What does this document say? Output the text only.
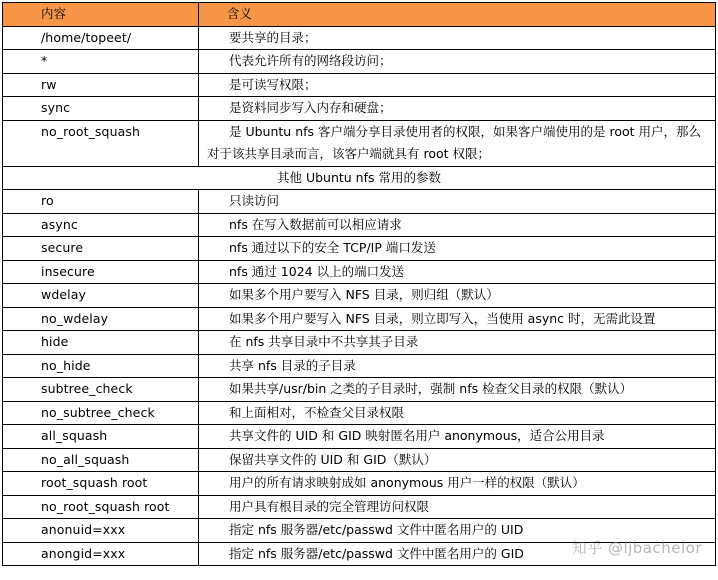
内容	含义
/home/topeet/	要共享的目录；
*	代表允许所有的网络段访问；
rw	是可读写权限；
sync	是资料同步写入内存和硬盘；
no_root_squash	是 Ubuntu nfs 客户端分享目录使用者的权限，如果客户端使用的是 root 用户，那么对于该共享目录而言，该客户端就具有 root 权限；
其他 Ubuntu nfs 常用的参数	
ro	只读访问
async	nfs 在写入数据前可以相应请求
secure	nfs 通过以下的安全 TCP/IP 端口发送
insecure	nfs 通过 1024 以上的端口发送
wdelay	如果多个用户要写入 NFS 目录，则归组（默认）
no_wdelay	如果多个用户要写入 NFS 目录，则立即写入，当使用 async 时，无需此设置
hide	在 nfs 共享目录中不共享其子目录
no_hide	共享 nfs 目录的子目录
subtree_check	如果共享/usr/bin 之类的子目录时，强制 nfs 检查父目录的权限（默认）
no_subtree_check	和上面相对，不检查父目录权限
all_squash	共享文件的 UID 和 GID 映射匿名用户 anonymous，适合公用目录
no_all_squash	保留共享文件的 UID 和 GID（默认）
root_squash root	用户的所有请求映射成如 anonymous 用户一样的权限（默认）
no_root_squash root	用户具有根目录的完全管理访问权限
anonuid=xxx	指定 nfs 服务器/etc/passwd 文件中匿名用户的 UID
anongid=xxx	指定 nfs 服务器/etc/passwd 文件中匿名用户的 GID	知乎 @ljbachelor
